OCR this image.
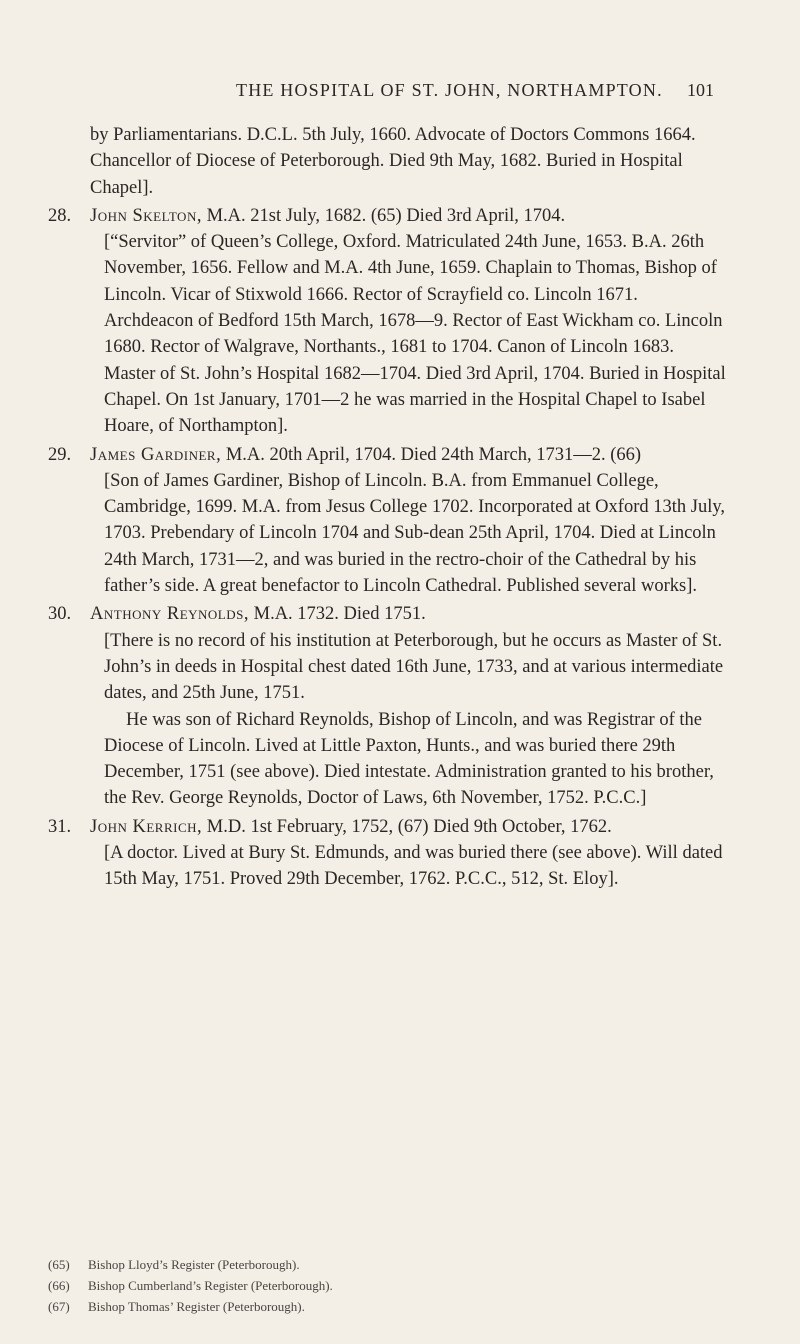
THE HOSPITAL OF ST. JOHN, NORTHAMPTON. 101
by Parliamentarians. D.C.L. 5th July, 1660. Advocate of Doctors Commons 1664. Chancellor of Diocese of Peterborough. Died 9th May, 1682. Buried in Hospital Chapel].
28. John Skelton, M.A. 21st July, 1682. (65) Died 3rd April, 1704.

[“Servitor” of Queen’s College, Oxford. Matriculated 24th June, 1653. B.A. 26th November, 1656. Fellow and M.A. 4th June, 1659. Chaplain to Thomas, Bishop of Lincoln. Vicar of Stixwold 1666. Rector of Scrayfield co. Lincoln 1671. Archdeacon of Bedford 15th March, 1678—9. Rector of East Wickham co. Lincoln 1680. Rector of Walgrave, Northants., 1681 to 1704. Canon of Lincoln 1683. Master of St. John’s Hospital 1682—1704. Died 3rd April, 1704. Buried in Hospital Chapel. On 1st January, 1701—2 he was married in the Hospital Chapel to Isabel Hoare, of Northampton].

29. James Gardiner, M.A. 20th April, 1704. Died 24th March, 1731—2. (66)

[Son of James Gardiner, Bishop of Lincoln. B.A. from Emmanuel College, Cambridge, 1699. M.A. from Jesus College 1702. Incorporated at Oxford 13th July, 1703. Prebendary of Lincoln 1704 and Sub-dean 25th April, 1704. Died at Lincoln 24th March, 1731—2, and was buried in the rectro-choir of the Cathedral by his father’s side. A great benefactor to Lincoln Cathedral. Published several works].

30. Anthony Reynolds, M.A. 1732. Died 1751.

[There is no record of his institution at Peterborough, but he occurs as Master of St. John’s in deeds in Hospital chest dated 16th June, 1733, and at various intermediate dates, and 25th June, 1751.

He was son of Richard Reynolds, Bishop of Lincoln, and was Registrar of the Diocese of Lincoln. Lived at Little Paxton, Hunts., and was buried there 29th December, 1751 (see above). Died intestate. Administration granted to his brother, the Rev. George Reynolds, Doctor of Laws, 6th November, 1752. P.C.C.]

31. John Kerrich, M.D. 1st February, 1752, (67) Died 9th October, 1762.

[A doctor. Lived at Bury St. Edmunds, and was buried there (see above). Will dated 15th May, 1751. Proved 29th December, 1762. P.C.C., 512, St. Eloy].

(65) Bishop Lloyd’s Register (Peterborough).
(66) Bishop Cumberland’s Register (Peterborough).
(67) Bishop Thomas’ Register (Peterborough).
